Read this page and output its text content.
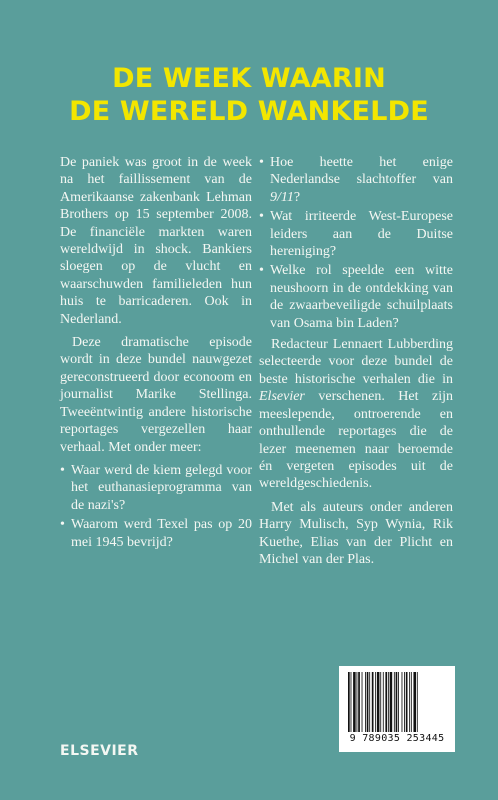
DE WEEK WAARIN
DE WERELD WANKELDE

De paniek was groot in de week na het faillissement van de Amerikaanse zakenbank Lehman Brothers op 15 september 2008. De financiële markten waren wereldwijd in shock. Bankiers sloegen op de vlucht en waarschuwden familieleden hun huis te barricaderen. Ook in Nederland.

Deze dramatische episode wordt in deze bundel nauwgezet gereconstrueerd door econoom en journalist Marike Stellinga. Tweeëntwintig andere historische reportages vergezellen haar verhaal. Met onder meer:

• Waar werd de kiem gelegd voor het euthanasieprogramma van de nazi's?
• Waarom werd Texel pas op 20 mei 1945 bevrijd?
• Hoe heette het enige Nederlandse slachtoffer van 9/11?
• Wat irriteerde West-Europese leiders aan de Duitse hereniging?
• Welke rol speelde een witte neushoorn in de ontdekking van de zwaarbeveiligde schuilplaats van Osama bin Laden?

Redacteur Lennaert Lubberding selecteerde voor deze bundel de beste historische verhalen die in Elsevier verschenen. Het zijn meeslepende, ontroerende en onthullende reportages die de lezer meenemen naar beroemde én vergeten episodes uit de wereldgeschiedenis.

Met als auteurs onder anderen Harry Mulisch, Syp Wynia, Rik Kuethe, Elias van der Plicht en Michel van der Plas.

ELSEVIER
9 789035 253445
